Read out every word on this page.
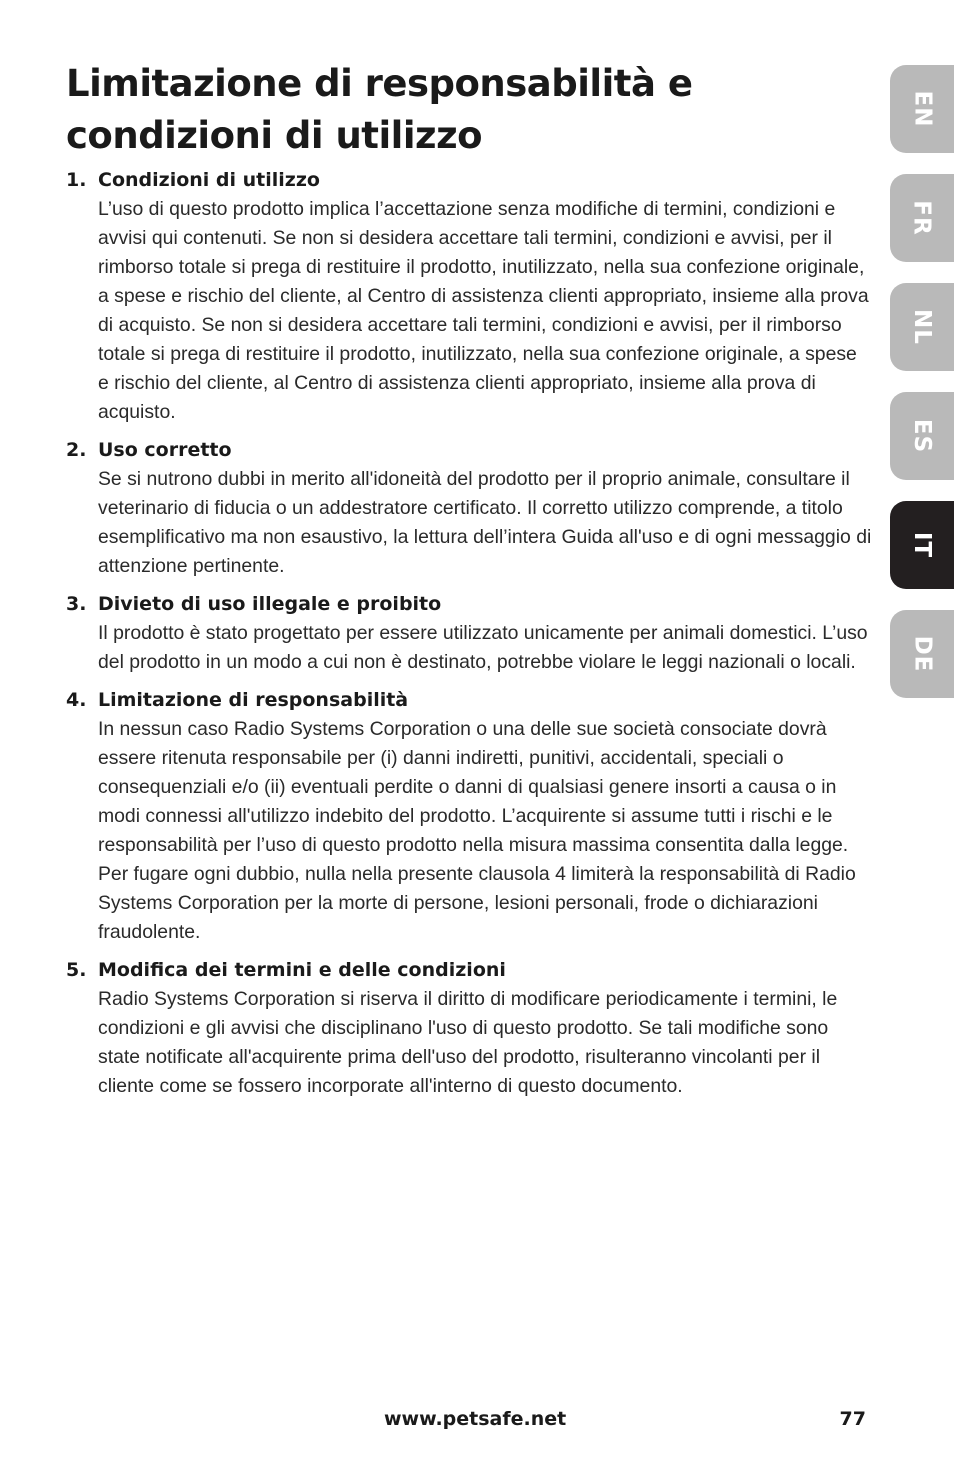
Limitazione di responsabilità e
condizioni di utilizzo
1. Condizioni di utilizzo

L’uso di questo prodotto implica l’accettazione senza modifiche di termini, condizioni e avvisi qui contenuti. Se non si desidera accettare tali termini, condizioni e avvisi, per il rimborso totale si prega di restituire il prodotto, inutilizzato, nella sua confezione originale, a spese e rischio del cliente, al Centro di assistenza clienti appropriato, insieme alla prova di acquisto. Se non si desidera accettare tali termini, condizioni e avvisi, per il rimborso totale si prega di restituire il prodotto, inutilizzato, nella sua confezione originale, a spese e rischio del cliente, al Centro di assistenza clienti appropriato, insieme alla prova di acquisto.

2. Uso corretto

Se si nutrono dubbi in merito all'idoneità del prodotto per il proprio animale, consultare il veterinario di fiducia o un addestratore certificato. Il corretto utilizzo comprende, a titolo esemplificativo ma non esaustivo, la lettura dell’intera Guida all'uso e di ogni messaggio di attenzione pertinente.

3. Divieto di uso illegale e proibito

Il prodotto è stato progettato per essere utilizzato unicamente per animali domestici. L’uso del prodotto in un modo a cui non è destinato, potrebbe violare le leggi nazionali o locali.

4. Limitazione di responsabilità

In nessun caso Radio Systems Corporation o una delle sue società consociate dovrà essere ritenuta responsabile per (i) danni indiretti, punitivi, accidentali, speciali o consequenziali e/o (ii) eventuali perdite o danni di qualsiasi genere insorti a causa o in modi connessi all'utilizzo indebito del prodotto. L’acquirente si assume tutti i rischi e le responsabilità per l’uso di questo prodotto nella misura massima consentita dalla legge. Per fugare ogni dubbio, nulla nella presente clausola 4 limiterà la responsabilità di Radio Systems Corporation per la morte di persone, lesioni personali, frode o dichiarazioni fraudolente.

5. Modifica dei termini e delle condizioni

Radio Systems Corporation si riserva il diritto di modificare periodicamente i termini, le condizioni e gli avvisi che disciplinano l'uso di questo prodotto. Se tali modifiche sono state notificate all'acquirente prima dell'uso del prodotto, risulteranno vincolanti per il cliente come se fossero incorporate all'interno di questo documento.

EN
FR
NL
ES
IT
DE
www.petsafe.net	77
